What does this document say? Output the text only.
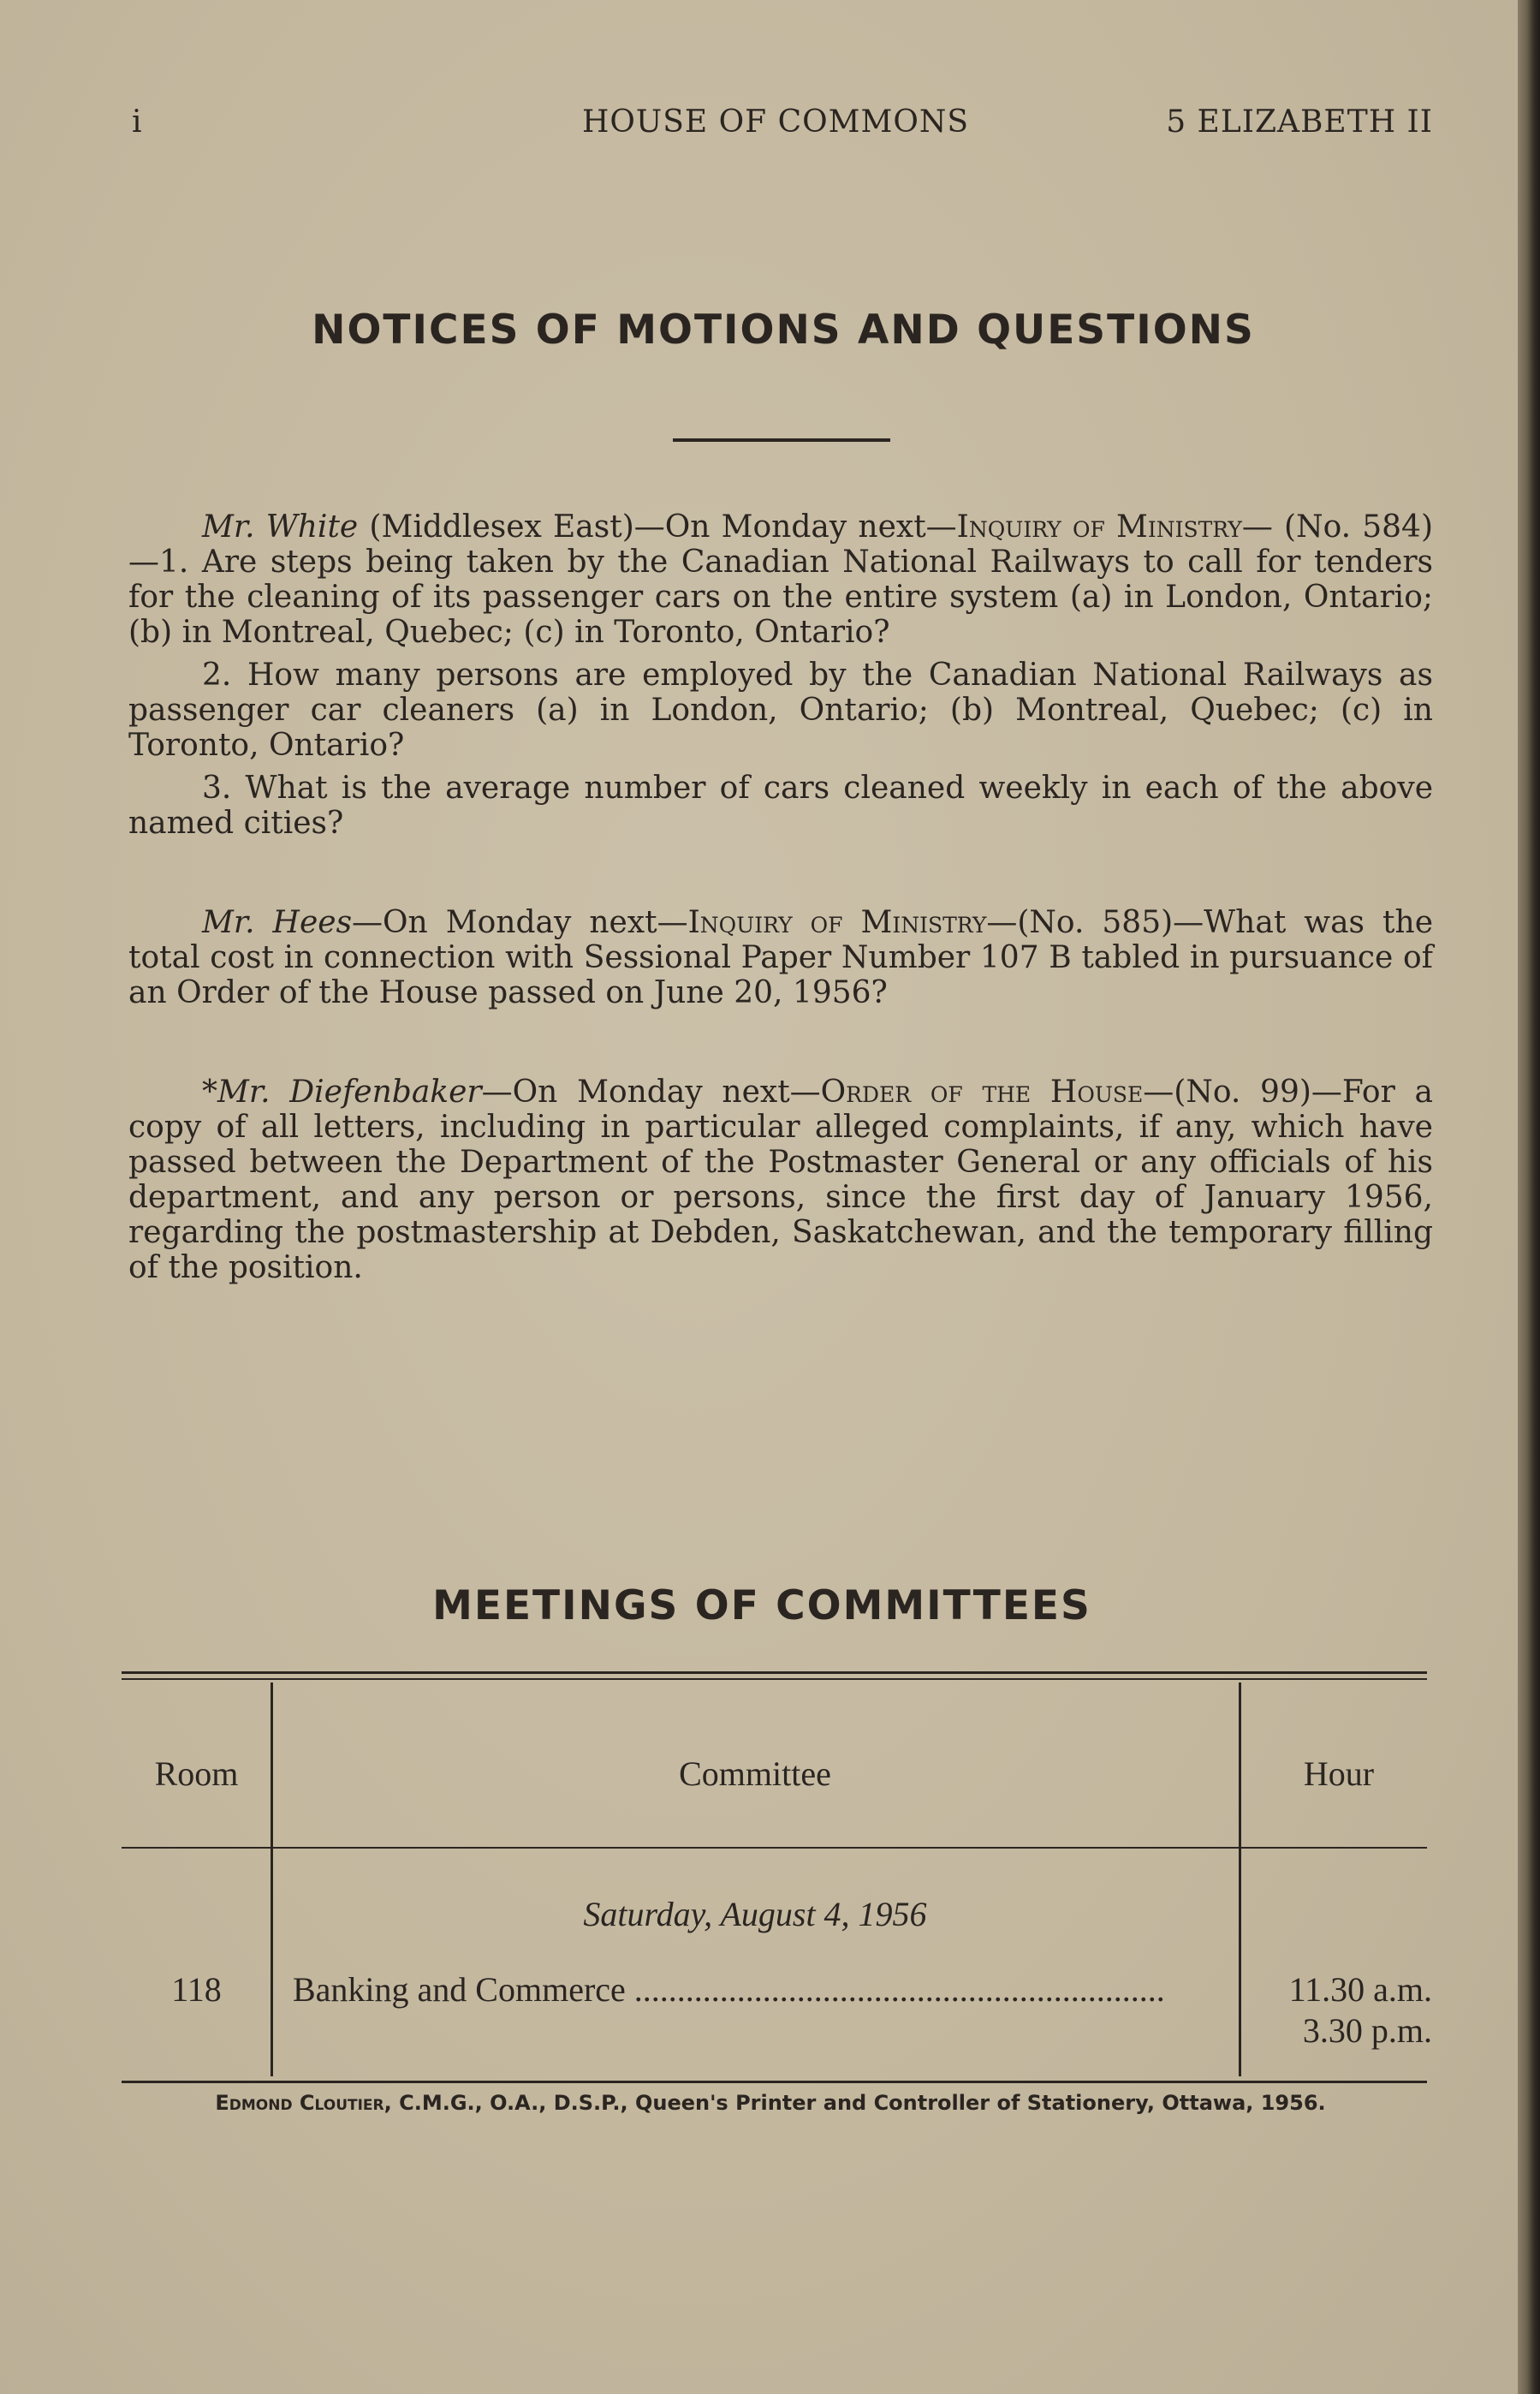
i	HOUSE OF COMMONS	5 ELIZABETH II
NOTICES OF MOTIONS AND QUESTIONS

Mr. White (Middlesex East)—On Monday next—Inquiry of Ministry— (No. 584)—1. Are steps being taken by the Canadian National Railways to call for tenders for the cleaning of its passenger cars on the entire system (a) in London, Ontario; (b) in Montreal, Quebec; (c) in Toronto, Ontario?

2. How many persons are employed by the Canadian National Railways as passenger car cleaners (a) in London, Ontario; (b) Montreal, Quebec; (c) in Toronto, Ontario?

3. What is the average number of cars cleaned weekly in each of the above named cities?

Mr. Hees—On Monday next—Inquiry of Ministry—(No. 585)—What was the total cost in connection with Sessional Paper Number 107 B tabled in pursuance of an Order of the House passed on June 20, 1956?

*Mr. Diefenbaker—On Monday next—Order of the House—(No. 99)—For a copy of all letters, including in particular alleged complaints, if any, which have passed between the Department of the Postmaster General or any officials of his department, and any person or persons, since the first day of January 1956, regarding the postmastership at Debden, Saskatchewan, and the temporary filling of the position.

MEETINGS OF COMMITTEES
Room	Committee	Hour
Saturday, August 4, 1956
118	Banking and Commerce ..............................................................	11.30 a.m.
3.30 p.m.
Edmond Cloutier, C.M.G., O.A., D.S.P., Queen's Printer and Controller of Stationery, Ottawa, 1956.
